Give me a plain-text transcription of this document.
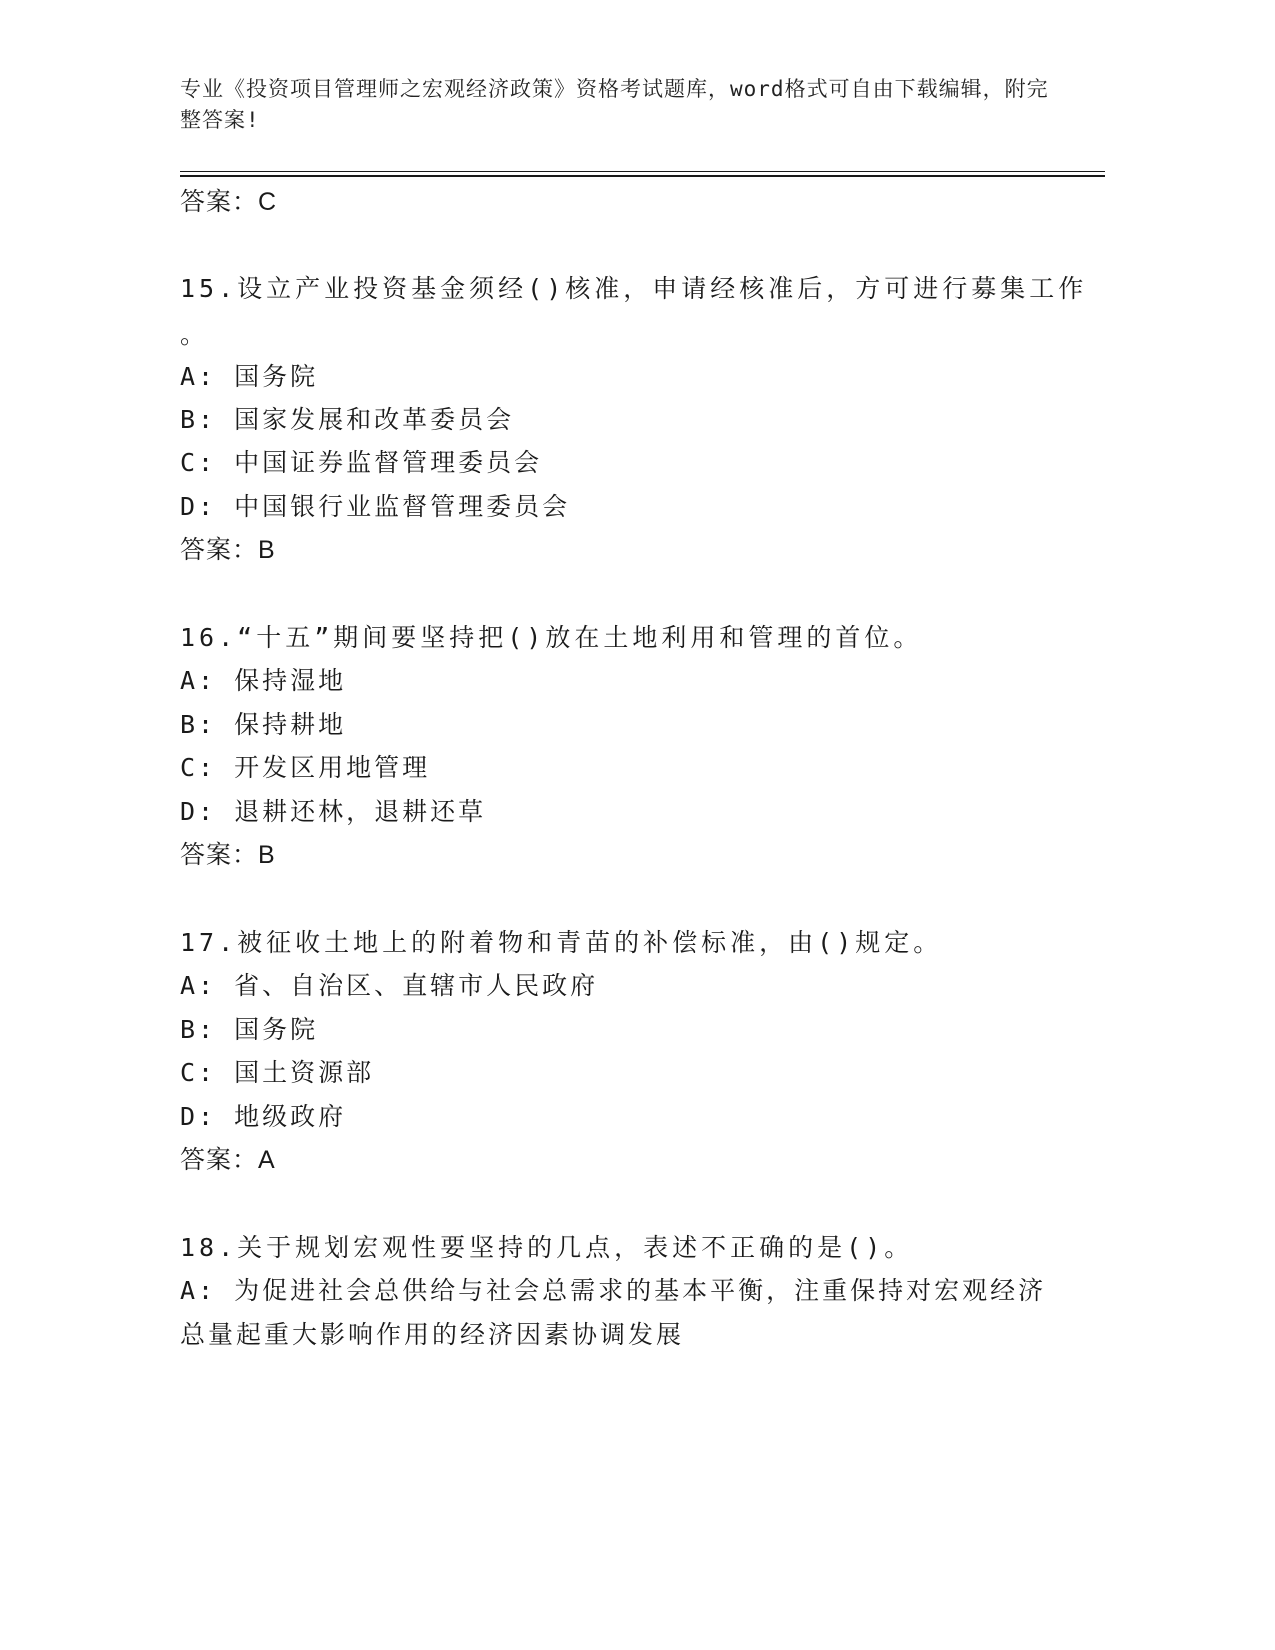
专业《投资项目管理师之宏观经济政策》资格考试题库，word格式可自由下载编辑，附完整答案!
答案：C
15.设立产业投资基金须经()核准，申请经核准后，方可进行募集工作
。
A: 国务院
B: 国家发展和改革委员会
C: 中国证券监督管理委员会
D: 中国银行业监督管理委员会
答案：B
16.“十五”期间要坚持把()放在土地利用和管理的首位。
A: 保持湿地
B: 保持耕地
C: 开发区用地管理
D: 退耕还林，退耕还草
答案：B
17.被征收土地上的附着物和青苗的补偿标准，由()规定。
A: 省、自治区、直辖市人民政府
B: 国务院
C: 国土资源部
D: 地级政府
答案：A
18.关于规划宏观性要坚持的几点，表述不正确的是()。
A: 为促进社会总供给与社会总需求的基本平衡，注重保持对宏观经济
总量起重大影响作用的经济因素协调发展
